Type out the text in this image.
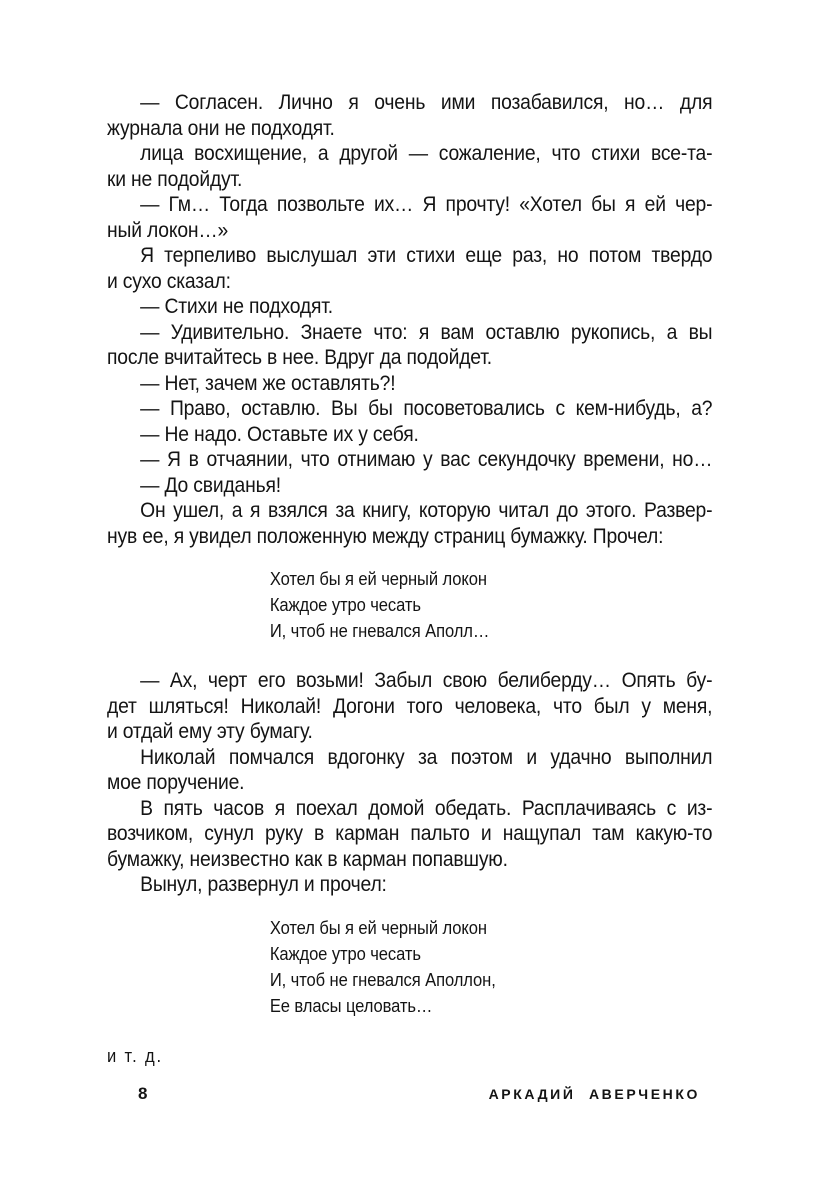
— Согласен. Лично я очень ими позабавился, но… для
журнала они не подходят.
лица восхищение, а другой — сожаление, что стихи все-та-
ки не подойдут.
— Гм… Тогда позвольте их… Я прочту! «Хотел бы я ей чер-
ный локон…»
Я терпеливо выслушал эти стихи еще раз, но потом твердо
и сухо сказал:
— Стихи не подходят.
— Удивительно. Знаете что: я вам оставлю рукопись, а вы
после вчитайтесь в нее. Вдруг да подойдет.
— Нет, зачем же оставлять?!
— Право, оставлю. Вы бы посоветовались с кем-нибудь, а?
— Не надо. Оставьте их у себя.
— Я в отчаянии, что отнимаю у вас секундочку времени, но…
— До свиданья!
Он ушел, а я взялся за книгу, которую читал до этого. Развер-
нув ее, я увидел положенную между страниц бумажку. Прочел:
Хотел бы я ей черный локон
Каждое утро чесать
И, чтоб не гневался Аполл…
— Ах, черт его возьми! Забыл свою белиберду… Опять бу-
дет шляться! Николай! Догони того человека, что был у меня,
и отдай ему эту бумагу.
Николай помчался вдогонку за поэтом и удачно выполнил
мое поручение.
В пять часов я поехал домой обедать. Расплачиваясь с из-
возчиком, сунул руку в карман пальто и нащупал там какую-то
бумажку, неизвестно как в карман попавшую.
Вынул, развернул и прочел:
Хотел бы я ей черный локон
Каждое утро чесать
И, чтоб не гневался Аполлон,
Ее власы целовать…
и т. д.
8	АРКАДИЙ АВЕРЧЕНКО
